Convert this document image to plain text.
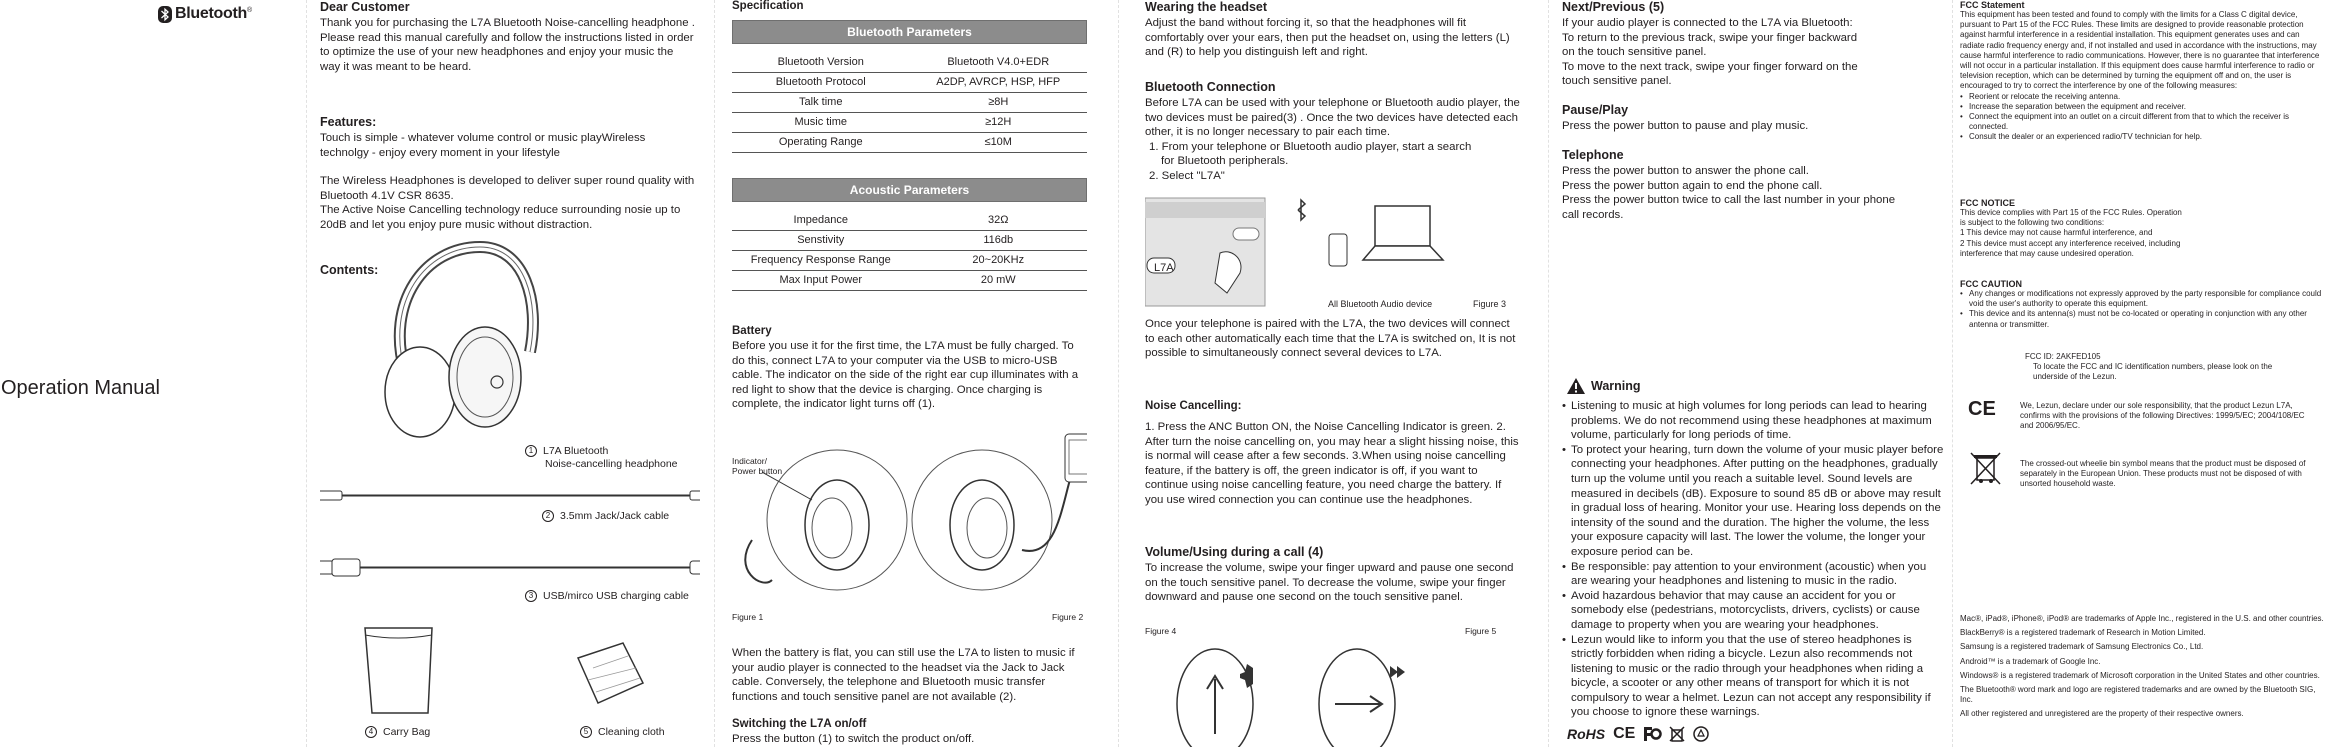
Bluetooth ®
Operation Manual
Dear Customer
Thank you for purchasing the L7A Bluetooth Noise-cancelling headphone . Please read this manual carefully and follow the instructions listed in order to optimize the use of your new headphones and enjoy your music the way it was meant to be heard.
Features:
Touch is simple - whatever volume control or music playWireless technolgy - enjoy every moment in your lifestyle
The Wireless Headphones is developed to deliver super round quality with Bluetooth 4.1V CSR 8635.
The Active Noise Cancelling technology reduce surrounding nosie up to 20dB and let you enjoy pure music without distraction.
Contents:
1 L7A Bluetooth
Noise-cancelling headphone
2 3.5mm Jack/Jack cable
3 USB/mirco USB charging cable
4 Carry Bag	5 Cleaning cloth
Specification
Bluetooth Parameters
Bluetooth Version	Bluetooth V4.0+EDR
Bluetooth Protocol	A2DP, AVRCP, HSP, HFP
Talk time	≥8H
Music time	≥12H
Operating Range	≤10M
Acoustic Parameters
Impedance	32Ω
Senstivity	116db
Frequency Response Range	20~20KHz
Max Input Power	20 mW
Battery
Before you use it for the first time, the L7A must be fully charged. To do this, connect L7A to your computer via the USB to micro-USB cable. The indicator on the side of the right ear cup illuminates with a red light to show that the device is charging. Once charging is complete, the indicator light turns off (1).
Indicator/
Power button
Figure 1	Figure 2
When the battery is flat, you can still use the L7A to listen to music if your audio player is connected to the headset via the Jack to Jack cable. Conversely, the telephone and Bluetooth music transfer functions and touch sensitive panel are not available (2).
Switching the L7A on/off
Press the button (1) to switch the product on/off.
Wearing the headset
Adjust the band without forcing it, so that the headphones will fit comfortably over your ears, then put the headset on, using the letters (L) and (R) to help you distinguish left and right.
Bluetooth Connection
Before L7A can be used with your telephone or Bluetooth audio player, the two devices must be paired(3) . Once the two devices have detected each other, it is no longer necessary to pair each time.
1. From your telephone or Bluetooth audio player, start a search
for Bluetooth peripherals.
2. Select "L7A"
L7A
All Bluetooth Audio device	Figure 3
Once your telephone is paired with the L7A, the two devices will connect to each other automatically each time that the L7A is switched on, It is not possible to simultaneously connect several devices to L7A.
Noise Cancelling:
1. Press the ANC Button ON, the Noise Cancelling Indicator is green. 2. After turn the noise cancelling on, you may hear a slight hissing noise, this is normal will cease after a few seconds. 3.When using noise cancelling feature, if the battery is off, the green indicator is off, if you want to continue using noise cancelling feature, you need charge the battery. If you use wired connection you can continue use the headphones.
Volume/Using during a call (4)
To increase the volume, swipe your finger upward and pause one second on the touch sensitive panel. To decrease the volume, swipe your finger downward and pause one second on the touch sensitive panel.
Figure 4	Figure 5
Next/Previous (5)
If your audio player is connected to the L7A via Bluetooth:
To return to the previous track, swipe your finger backward
on the touch sensitive panel.
To move to the next track, swipe your finger forward on the
touch sensitive panel.
Pause/Play
Press the power button to pause and play music.
Telephone
Press the power button to answer the phone call.
Press the power button again to end the phone call.
Press the power button twice to call the last number in your phone
call records.
Warning
• Listening to music at high volumes for long periods can lead to hearing problems. We do not recommend using these headphones at maximum volume, particularly for long periods of time.
• To protect your hearing, turn down the volume of your music player before connecting your headphones. After putting on the headphones, gradually turn up the volume until you reach a suitable level. Sound levels are measured in decibels (dB). Exposure to sound 85 dB or above may result in gradual loss of hearing. Monitor your use. Hearing loss depends on the intensity of the sound and the duration. The higher the volume, the less your exposure capacity will last. The lower the volume, the longer your exposure period can be.
• Be responsible: pay attention to your environment (acoustic) when you are wearing your headphones and listening to music in the radio.
• Avoid hazardous behavior that may cause an accident for you or somebody else (pedestrians, motorcyclists, drivers, cyclists) or cause damage to property when you are wearing your headphones.
• Lezun would like to inform you that the use of stereo headphones is strictly forbidden when riding a bicycle. Lezun also recommends not listening to music or the radio through your headphones when riding a bicycle, a scooter or any other means of transport for which it is not compulsory to wear a helmet. Lezun can not accept any responsibility if you choose to ignore these warnings.
RoHS CE
FCC Statement
This equipment has been tested and found to comply with the limits for a Class C digital device, pursuant to Part 15 of the FCC Rules. These limits are designed to provide reasonable protection against harmful interference in a residential installation. This equipment generates uses and can radiate radio frequency energy and, if not installed and used in accordance with the instructions, may cause harmful interference to radio communications. However, there is no guarantee that interference will not occur in a particular installation. If this equipment does cause harmful interference to radio or television reception, which can be determined by turning the equipment off and on, the user is encouraged to try to correct the interference by one of the following measures:
• Reorient or relocate the receiving antenna.
• Increase the separation between the equipment and receiver.
• Connect the equipment into an outlet on a circuit different from that to which the receiver is connected.
• Consult the dealer or an experienced radio/TV technician for help.
FCC NOTICE
This device complies with Part 15 of the FCC Rules. Operation
is subject to the following two conditions:
1 This device may not cause harmful interference, and
2 This device must accept any interference received, including
interference that may cause undesired operation.
FCC CAUTION
• Any changes or modifications not expressly approved by the party responsible for compliance could void the user's authority to operate this equipment.
• This device and its antenna(s) must not be co-located or operating in conjunction with any other antenna or transmitter.
FCC ID: 2AKFED105
To locate the FCC and IC identification numbers, please look on the
underside of the Lezun.
CE	We, Lezun, declare under our sole responsibility, that the product Lezun L7A, confirms with the provisions of the following Directives: 1999/5/EC; 2004/108/EC and 2006/95/EC.
The crossed-out wheelie bin symbol means that the product must be disposed of separately in the European Union. These products must not be disposed of with unsorted household waste.
Mac®, iPad®, iPhone®, iPod® are trademarks of Apple Inc., registered in the U.S. and other countries.
BlackBerry® is a registered trademark of Research in Motion Limited.
Samsung is a registered trademark of Samsung Electronics Co., Ltd.
Android™ is a trademark of Google Inc.
Windows® is a registered trademark of Microsoft corporation in the United States and other countries.
The Bluetooth® word mark and logo are registered trademarks and are owned by the Bluetooth SIG, Inc.
All other registered and unregistered are the property of their respective owners.
